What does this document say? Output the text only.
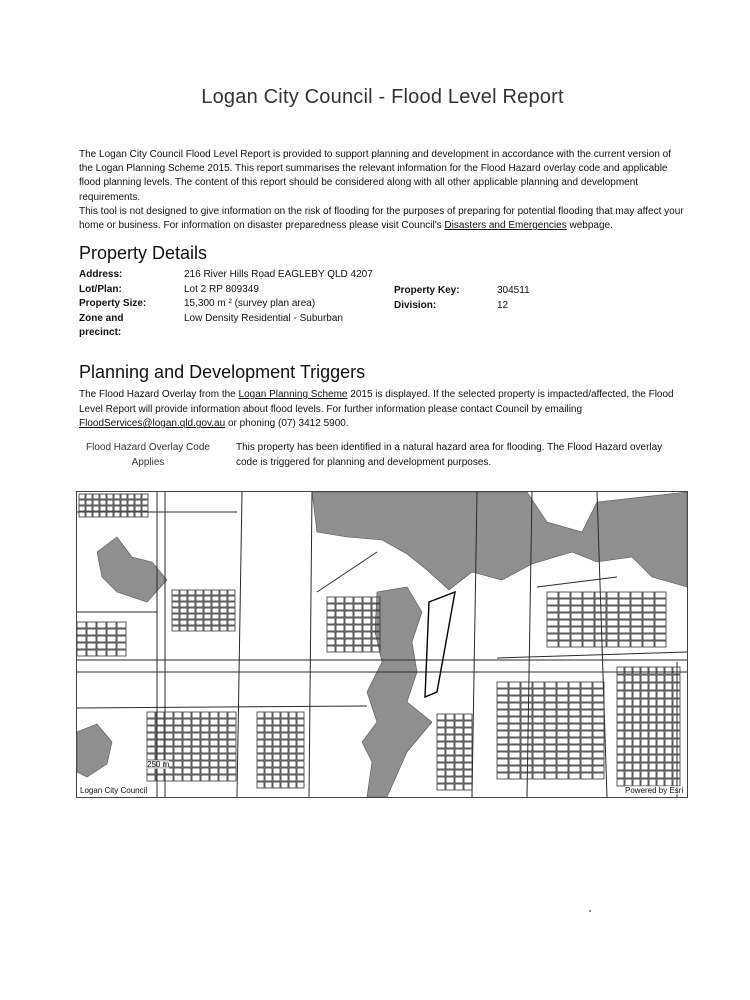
Logan City Council - Flood Level Report

The Logan City Council Flood Level Report is provided to support planning and development in accordance with the current version of the Logan Planning Scheme 2015. This report summarises the relevant information for the Flood Hazard overlay code and applicable flood planning levels. The content of this report should be considered along with all other applicable planning and development requirements.

This tool is not designed to give information on the risk of flooding for the purposes of preparing for potential flooding that may affect your home or business. For information on disaster preparedness please visit Council's Disasters and Emergencies webpage.

Property Details
Address:	216 River Hills Road EAGLEBY QLD 4207
Lot/Plan:	Lot 2 RP 809349
Property Size:	15,300 m ² (survey plan area)
Zone and
precinct:
Low Density Residential - Suburban
Property Key:	304511
Division:	12
Planning and Development Triggers
The Flood Hazard Overlay from the Logan Planning Scheme 2015 is displayed. If the selected property is impacted/affected, the Flood Level Report will provide information about flood levels. For further information please contact Council by emailing FloodServices@logan.qld.gov.au or phoning (07) 3412 5900.
Flood Hazard Overlay Code Applies
This property has been identified in a natural hazard area for flooding. The Flood Hazard overlay code is triggered for planning and development purposes.
250 m
Logan City Council	Powered by Esri
